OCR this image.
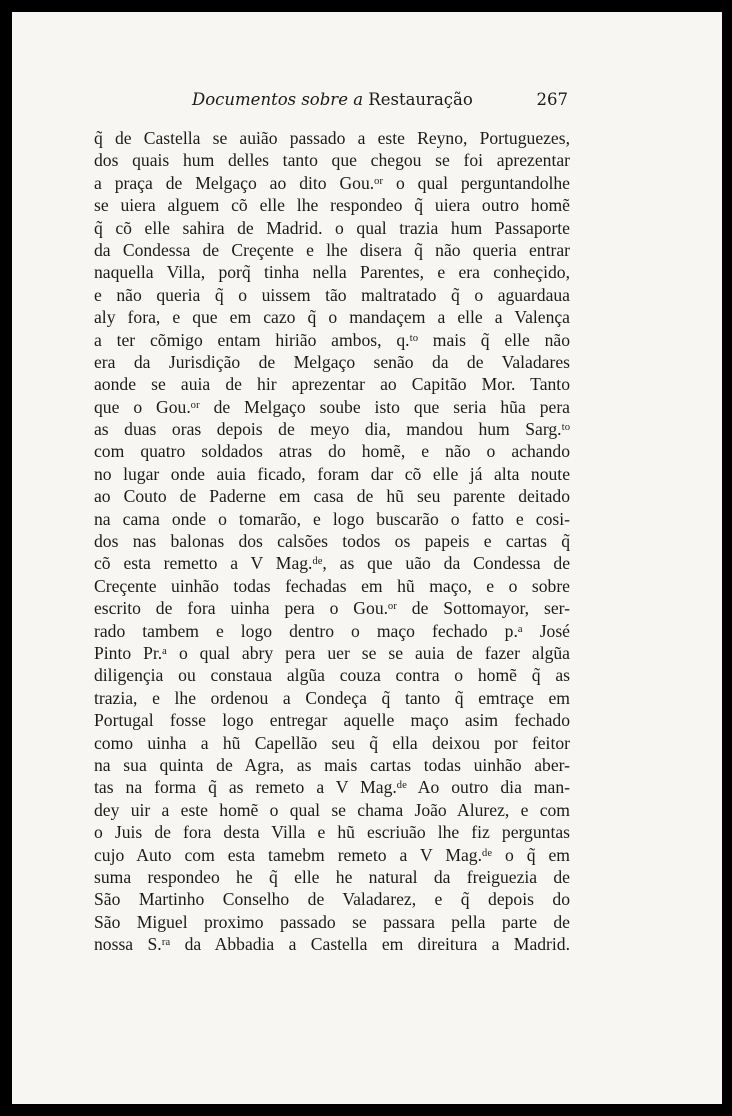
Documentos sobre a Restauração	267
q̃ de Castella se auião passado a este Reyno, Portuguezes,
dos quais hum delles tanto que chegou se foi aprezentar
a praça de Melgaço ao dito Gou.ᵒʳ o qual perguntandolhe
se uiera alguem cõ elle lhe respondeo q̃ uiera outro homẽ
q̃ cõ elle sahira de Madrid. o qual trazia hum Passaporte
da Condessa de Creçente e lhe disera q̃ não queria entrar
naquella Villa, porq̃ tinha nella Parentes, e era conheçido,
e não queria q̃ o uissem tão maltratado q̃ o aguardaua
aly fora, e que em cazo q̃ o mandaçem a elle a Valença
a ter cõmigo entam hirião ambos, q.ᵗᵒ mais q̃ elle não
era da Jurisdição de Melgaço senão da de Valadares
aonde se auia de hir aprezentar ao Capitão Mor. Tanto
que o Gou.ᵒʳ de Melgaço soube isto que seria hũa pera
as duas oras depois de meyo dia, mandou hum Sarg.ᵗᵒ
com quatro soldados atras do homẽ, e não o achando
no lugar onde auia ficado, foram dar cõ elle já alta noute
ao Couto de Paderne em casa de hũ seu parente deitado
na cama onde o tomarão, e logo buscarão o fatto e cosi-
dos nas balonas dos calsões todos os papeis e cartas q̃
cõ esta remetto a V Mag.ᵈᵉ, as que uão da Condessa de
Creçente uinhão todas fechadas em hũ maço, e o sobre
escrito de fora uinha pera o Gou.ᵒʳ de Sottomayor, ser-
rado tambem e logo dentro o maço fechado p.ᵃ José
Pinto Pr.ᵃ o qual abry pera uer se se auia de fazer algũa
diligençia ou constaua algũa couza contra o homẽ q̃ as
trazia, e lhe ordenou a Condeça q̃ tanto q̃ emtraçe em
Portugal fosse logo entregar aquelle maço asim fechado
como uinha a hũ Capellão seu q̃ ella deixou por feitor
na sua quinta de Agra, as mais cartas todas uinhão aber-
tas na forma q̃ as remeto a V Mag.ᵈᵉ Ao outro dia man-
dey uir a este homẽ o qual se chama João Alurez, e com
o Juis de fora desta Villa e hũ escriuão lhe fiz perguntas
cujo Auto com esta tamebm remeto a V Mag.ᵈᵉ o q̃ em
suma respondeo he q̃ elle he natural da freiguezia de
São Martinho Conselho de Valadarez, e q̃ depois do
São Miguel proximo passado se passara pella parte de
nossa S.ʳᵃ da Abbadia a Castella em direitura a Madrid.
